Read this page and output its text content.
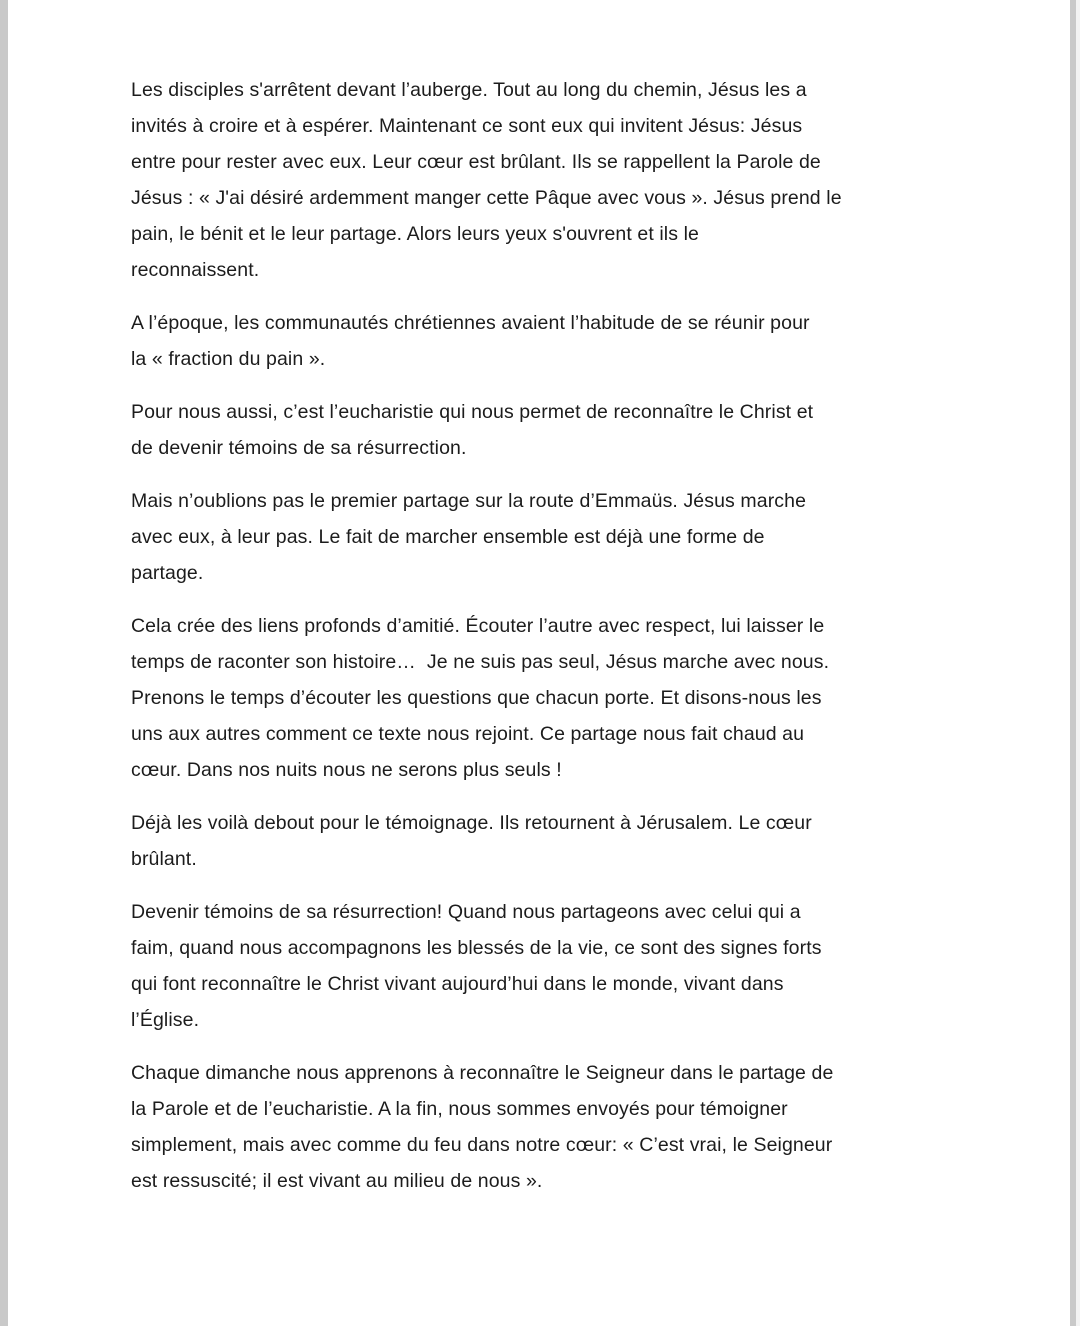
Les disciples s'arrêtent devant l’auberge. Tout au long du chemin, Jésus les a
invités à croire et à espérer. Maintenant ce sont eux qui invitent Jésus: Jésus
entre pour rester avec eux. Leur cœur est brûlant. Ils se rappellent la Parole de
Jésus : « J'ai désiré ardemment manger cette Pâque avec vous ». Jésus prend le
pain, le bénit et le leur partage. Alors leurs yeux s'ouvrent et ils le
reconnaissent.

A l’époque, les communautés chrétiennes avaient l’habitude de se réunir pour
la « fraction du pain ».

Pour nous aussi, c’est l’eucharistie qui nous permet de reconnaître le Christ et
de devenir témoins de sa résurrection.

Mais n’oublions pas le premier partage sur la route d’Emmaüs. Jésus marche
avec eux, à leur pas. Le fait de marcher ensemble est déjà une forme de
partage.

Cela crée des liens profonds d’amitié. Écouter l’autre avec respect, lui laisser le
temps de raconter son histoire…  Je ne suis pas seul, Jésus marche avec nous.
Prenons le temps d’écouter les questions que chacun porte. Et disons-nous les
uns aux autres comment ce texte nous rejoint. Ce partage nous fait chaud au
cœur. Dans nos nuits nous ne serons plus seuls !

Déjà les voilà debout pour le témoignage. Ils retournent à Jérusalem. Le cœur
brûlant.

Devenir témoins de sa résurrection! Quand nous partageons avec celui qui a
faim, quand nous accompagnons les blessés de la vie, ce sont des signes forts
qui font reconnaître le Christ vivant aujourd’hui dans le monde, vivant dans
l’Église.

Chaque dimanche nous apprenons à reconnaître le Seigneur dans le partage de
la Parole et de l’eucharistie. A la fin, nous sommes envoyés pour témoigner
simplement, mais avec comme du feu dans notre cœur: « C’est vrai, le Seigneur
est ressuscité; il est vivant au milieu de nous ».
